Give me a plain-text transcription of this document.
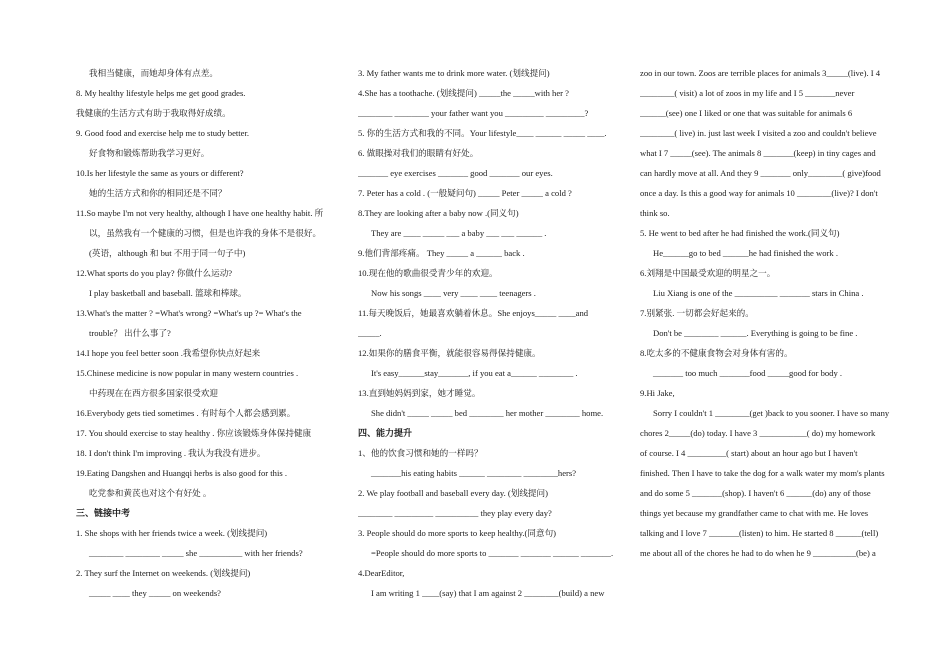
我相当健康，而她却身体有点差。
8. My healthy lifestyle helps me get good grades.
我健康的生活方式有助于我取得好成绩。
9. Good food and exercise help me to study better.
好食物和锻炼帮助我学习更好。
10.Is her lifestyle the same as yours or different?
她的生活方式和你的相同还是不同？
11.So maybe I'm not very healthy, although I have one healthy habit. 所
以，虽然我有一个健康的习惯，但是也许我的身体不是很好。
(英语，although 和 but 不用于同一句子中)
12.What sports do you play? 你做什么运动?
I play basketball and baseball. 篮球和棒球。
13.What's the matter ? =What's wrong? =What's up ?= What's the
trouble？ 出什么事了?
14.I hope you feel better soon .我希望你快点好起来
15.Chinese medicine is now popular in many western countries .
中药现在在西方很多国家很受欢迎
16.Everybody gets tied sometimes . 有时每个人都会感到累。
17. You should exercise to stay healthy . 你应该锻炼身体保持健康
18. I don't think I'm improving . 我认为我没有进步。
19.Eating Dangshen and Huangqi herbs is also good for this .
吃党参和黄芪也对这个有好处 。
三、链接中考
1. She shops with her friends twice a week. (划线提问)
________ ________ _____ she __________ with her friends?
2. They surf the Internet on weekends. (划线提问)
_____ ____ they _____ on weekends?
3. My father wants me to drink more water. (划线提问)
4.She has a toothache. (划线提问) _____the _____with her ?
________ ________ your father want you _________ _________?
5. 你的生活方式和我的不同。Your lifestyle____ ______ _____ ____.
6. 做眼操对我们的眼睛有好处。
_______ eye exercises _______ good _______ our eyes.
7. Peter has a cold . (一般疑问句) _____ Peter _____ a cold ?
8.They are looking after a baby now .(同义句)
They are ____ _____ ___ a baby ___ ___ ______ .
9.他们背部疼痛。 They _____ a ______ back .
10.现在他的歌曲很受青少年的欢迎。
Now his songs ____ very ____ ____ teenagers .
11.每天晚饭后，她最喜欢躺着休息。She enjoys_____ ____and
_____.
12.如果你的膳食平衡，就能很容易得保持健康。
It's easy______stay_______, if you eat a______ ________ .
13.直到她妈妈到家，她才睡觉。
She didn't _____ _____ bed ________ her mother ________ home.
四、能力提升
1、他的饮食习惯和她的一样吗？
_______his eating habits ______ ________ ________hers?
2. We play football and baseball every day. (划线提问)
________ _________ __________ they play every day?
3. People should do more sports to keep healthy.(同意句)
=People should do more sports to _______ _______ ______ _______.
4.DearEditor,
I am writing 1 ____(say) that I am against 2 ________(build) a new
zoo in our town. Zoos are terrible places for animals 3_____(live). I 4
________( visit) a lot of zoos in my life and I 5 _______never
______(see) one I liked or one that was suitable for animals 6
________( live) in. just last week I visited a zoo and couldn't believe
what I 7 _____(see). The animals 8 _______(keep) in tiny cages and
can hardly move at all. And they 9 _______ only________( give)food
once a day. Is this a good way for animals 10 ________(live)? I don't
think so.
5. He went to bed after he had finished the work.(同义句)
He______go to bed ______he had finished the work .
6.刘翔是中国最受欢迎的明星之一。
Liu Xiang is one of the __________ _______ stars in China .
7.别紧张. 一切都会好起来的。
Don't be ________ ______. Everything is going to be fine .
8.吃太多的不健康食物会对身体有害的。
_______ too much _______food _____good for body .
9.Hi Jake,
Sorry I couldn't 1 ________(get )back to you sooner. I have so many
chores 2_____(do) today. I have 3 ___________( do) my homework
of course. I 4 _________( start) about an hour ago but I haven't
finished. Then I have to take the dog for a walk water my mom's plants
and do some 5 _______(shop). I haven't 6 ______(do) any of those
things yet because my grandfather came to chat with me. He loves
talking and I love 7 _______(listen) to him. He started 8 ______(tell)
me about all of the chores he had to do when he 9 __________(be) a
